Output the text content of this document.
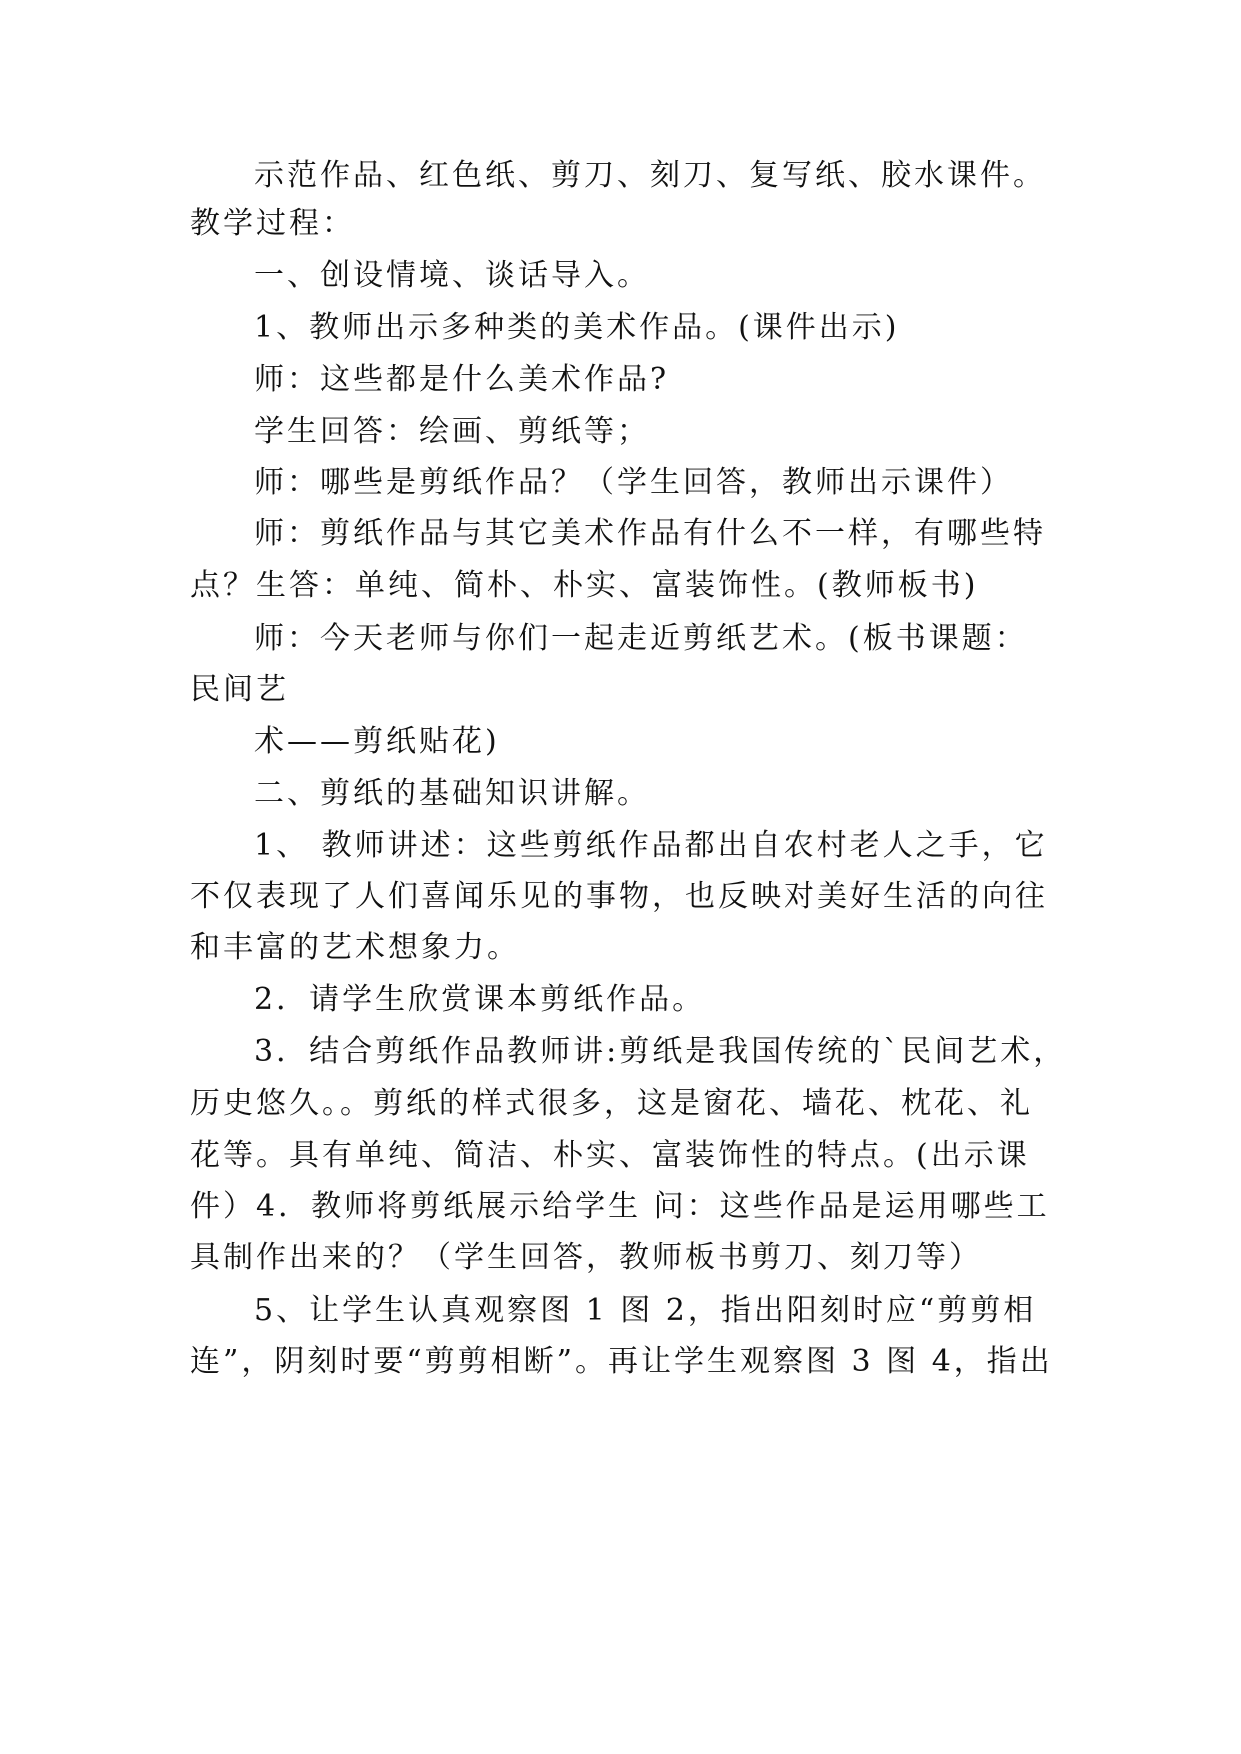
示范作品、红色纸、剪刀、刻刀、复写纸、胶水课件。
教学过程：
一、创设情境、谈话导入。
1、教师出示多种类的美术作品。(课件出示)
师：这些都是什么美术作品?
学生回答：绘画、剪纸等；
师：哪些是剪纸作品？（学生回答，教师出示课件）
师：剪纸作品与其它美术作品有什么不一样，有哪些特
点？生答：单纯、简朴、朴实、富装饰性。(教师板书)
师：今天老师与你们一起走近剪纸艺术。(板书课题：
民间艺
术——剪纸贴花)
二、剪纸的基础知识讲解。
1、 教师讲述：这些剪纸作品都出自农村老人之手，它
不仅表现了人们喜闻乐见的事物，也反映对美好生活的向往
和丰富的艺术想象力。
2．请学生欣赏课本剪纸作品。
3．结合剪纸作品教师讲:剪纸是我国传统的`民间艺术，
历史悠久。。剪纸的样式很多，这是窗花、墙花、枕花、礼
花等。具有单纯、简洁、朴实、富装饰性的特点。(出示课
件）4．教师将剪纸展示给学生 问：这些作品是运用哪些工
具制作出来的？（学生回答，教师板书剪刀、刻刀等）
5、让学生认真观察图 1 图 2，指出阳刻时应“剪剪相
连”，阴刻时要“剪剪相断”。再让学生观察图 3 图 4，指出
